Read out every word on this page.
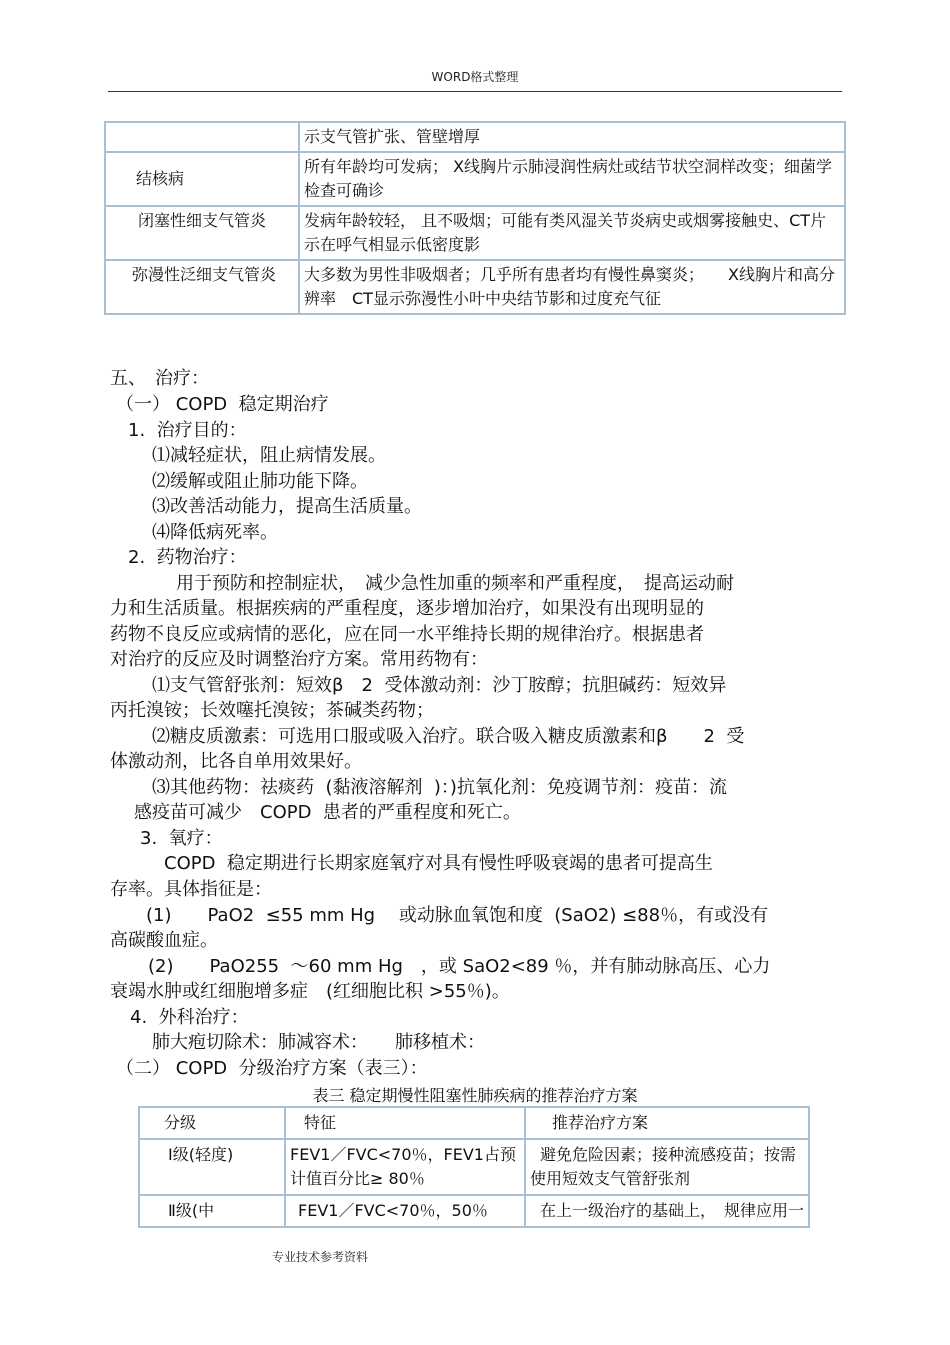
WORD格式整理
	示支气管扩张、管壁增厚
结核病	所有年龄均可发病； X线胸片示肺浸润性病灶或结节状空洞样改变；细菌学检查可确诊
闭塞性细支气管炎	发病年龄较轻， 且不吸烟；可能有类风湿关节炎病史或烟雾接触史、CT片示在呼气相显示低密度影
弥漫性泛细支气管炎	大多数为男性非吸烟者；几乎所有患者均有慢性鼻窦炎；　　X线胸片和高分辨率　CT显示弥漫性小叶中央结节影和过度充气征
五、　治疗：
（一） COPD  稳定期治疗
1.  治疗目的：
⑴减轻症状，阻止病情发展。
⑵缓解或阻止肺功能下降。
⑶改善活动能力，提高生活质量。
⑷降低病死率。
2.  药物治疗：
用于预防和控制症状，　减少急性加重的频率和严重程度，　提高运动耐
力和生活质量。根据疾病的严重程度，逐步增加治疗，如果没有出现明显的
药物不良反应或病情的恶化，应在同一水平维持长期的规律治疗。根据患者
对治疗的反应及时调整治疗方案。常用药物有：
⑴支气管舒张剂：短效β　2  受体激动剂：沙丁胺醇；抗胆碱药：短效异
丙托溴铵；长效噻托溴铵；茶碱类药物；
⑵糖皮质激素：可选用口服或吸入治疗。联合吸入糖皮质激素和β　　2  受
体激动剂，比各自单用效果好。
⑶其他药物：祛痰药  (黏液溶解剂  )：)抗氧化剂：免疫调节剂：疫苗：流
感疫苗可减少　COPD  患者的严重程度和死亡。
3.  氧疗：
COPD  稳定期进行长期家庭氧疗对具有慢性呼吸衰竭的患者可提高生
存率。具体指征是：
(1)　　PaO2  ≤55 mm Hg　 或动脉血氧饱和度  (SaO2) ≤88％，有或没有
高碳酸血症。
(2)　　PaO255  ～60 mm Hg　，或 SaO2<89 ％，并有肺动脉高压、心力
衰竭水肿或红细胞增多症　(红细胞比积 >55％)。
4.  外科治疗：
肺大疱切除术：肺减容术：　　肺移植术：
（二） COPD  分级治疗方案（表三）：
表三 稳定期慢性阻塞性肺疾病的推荐治疗方案
分级	特征	推荐治疗方案
Ⅰ级(轻度)	FEV1／FVC<70％，FEV1占预计值百分比≥ 80％	避免危险因素；接种流感疫苗；按需使用短效支气管舒张剂
Ⅱ级(中	FEV1／FVC<70％，50％	在上一级治疗的基础上，　规律应用一
专业技术参考资料
